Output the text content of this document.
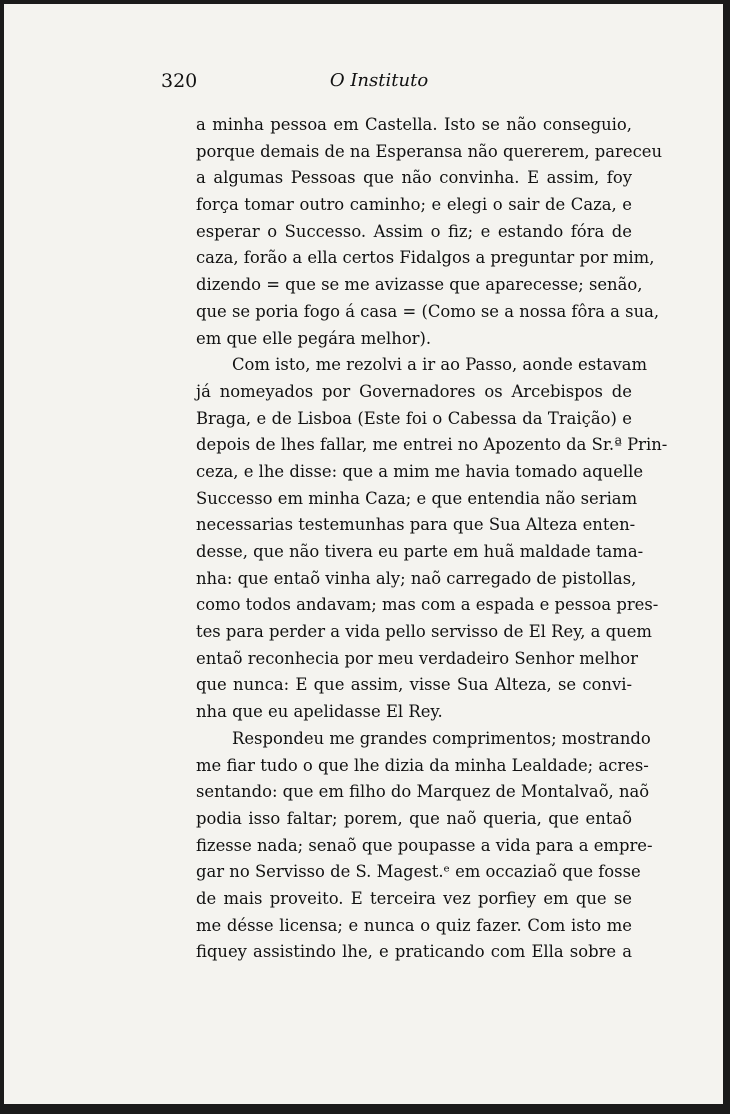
320	O Instituto
a minha pessoa em Castella. Isto se não conseguio,
porque demais de na Esperansa não quererem, pareceu
a algumas Pessoas que não convinha. E assim, foy
força tomar outro caminho; e elegi o sair de Caza, e
esperar o Successo. Assim o fiz; e estando fóra de
caza, forão a ella certos Fidalgos a preguntar por mim,
dizendo = que se me avizasse que aparecesse; senão,
que se poria fogo á casa = (Como se a nossa fôra a sua,
em que elle pegára melhor).
Com isto, me rezolvi a ir ao Passo, aonde estavam
já nomeyados por Governadores os Arcebispos de
Braga, e de Lisboa (Este foi o Cabessa da Traição) e
depois de lhes fallar, me entrei no Apozento da Sr.ª Prin-
ceza, e lhe disse: que a mim me havia tomado aquelle
Successo em minha Caza; e que entendia não seriam
necessarias testemunhas para que Sua Alteza enten-
desse, que não tivera eu parte em huã maldade tama-
nha: que entaõ vinha aly; naõ carregado de pistollas,
como todos andavam; mas com a espada e pessoa pres-
tes para perder a vida pello servisso de El Rey, a quem
entaõ reconhecia por meu verdadeiro Senhor melhor
que nunca: E que assim, visse Sua Alteza, se convi-
nha que eu apelidasse El Rey.
Respondeu me grandes comprimentos; mostrando
me fiar tudo o que lhe dizia da minha Lealdade; acres-
sentando: que em filho do Marquez de Montalvaõ, naõ
podia isso faltar; porem, que naõ queria, que entaõ
fizesse nada; senaõ que poupasse a vida para a empre-
gar no Servisso de S. Magest.ᵉ em occaziaõ que fosse
de mais proveito. E terceira vez porfiey em que se
me désse licensa; e nunca o quiz fazer. Com isto me
fiquey assistindo lhe, e praticando com Ella sobre a
